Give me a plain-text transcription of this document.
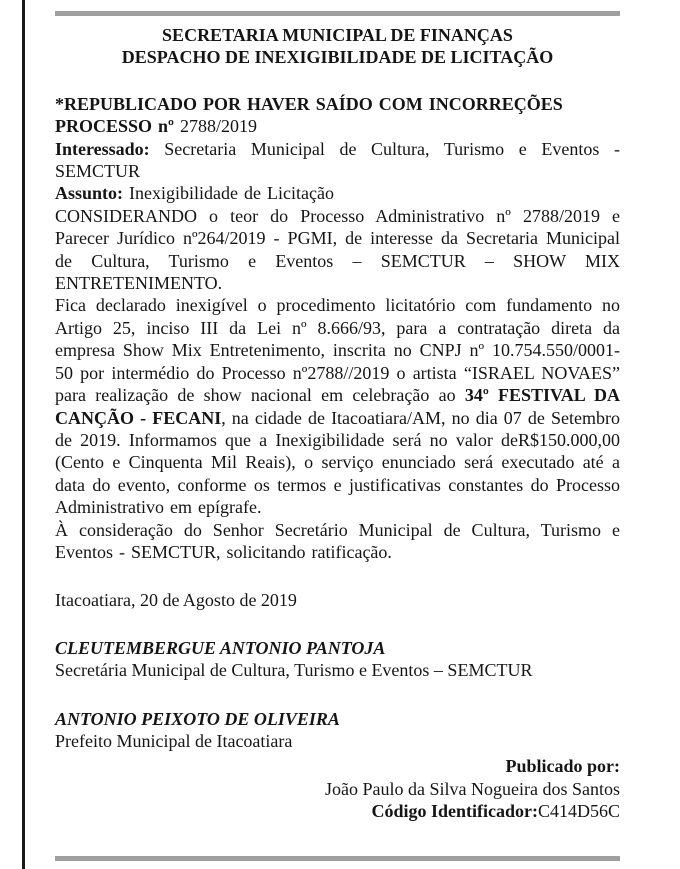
SECRETARIA MUNICIPAL DE FINANÇAS
DESPACHO DE INEXIGIBILIDADE DE LICITAÇÃO

*REPUBLICADO POR HAVER SAÍDO COM INCORREÇÕES

PROCESSO nº 2788/2019

Interessado: Secretaria Municipal de Cultura, Turismo e Eventos - SEMCTUR

Assunto: Inexigibilidade de Licitação

CONSIDERANDO o teor do Processo Administrativo nº 2788/2019 e Parecer Jurídico nº264/2019 - PGMI, de interesse da Secretaria Municipal de Cultura, Turismo e Eventos – SEMCTUR – SHOW MIX ENTRETENIMENTO.

Fica declarado inexigível o procedimento licitatório com fundamento no Artigo 25, inciso III da Lei nº 8.666/93, para a contratação direta da empresa Show Mix Entretenimento, inscrita no CNPJ nº 10.754.550/0001-50 por intermédio do Processo nº2788//2019 o artista “ISRAEL NOVAES” para realização de show nacional em celebração ao 34º FESTIVAL DA CANÇÃO - FECANI, na cidade de Itacoatiara/AM, no dia 07 de Setembro de 2019. Informamos que a Inexigibilidade será no valor deR$150.000,00 (Cento e Cinquenta Mil Reais), o serviço enunciado será executado até a data do evento, conforme os termos e justificativas constantes do Processo Administrativo em epígrafe.

À consideração do Senhor Secretário Municipal de Cultura, Turismo e Eventos - SEMCTUR, solicitando ratificação.

Itacoatiara, 20 de Agosto de 2019

CLEUTEMBERGUE ANTONIO PANTOJA
Secretária Municipal de Cultura, Turismo e Eventos – SEMCTUR
ANTONIO PEIXOTO DE OLIVEIRA
Prefeito Municipal de Itacoatiara
Publicado por:
João Paulo da Silva Nogueira dos Santos
Código Identificador:C414D56C
